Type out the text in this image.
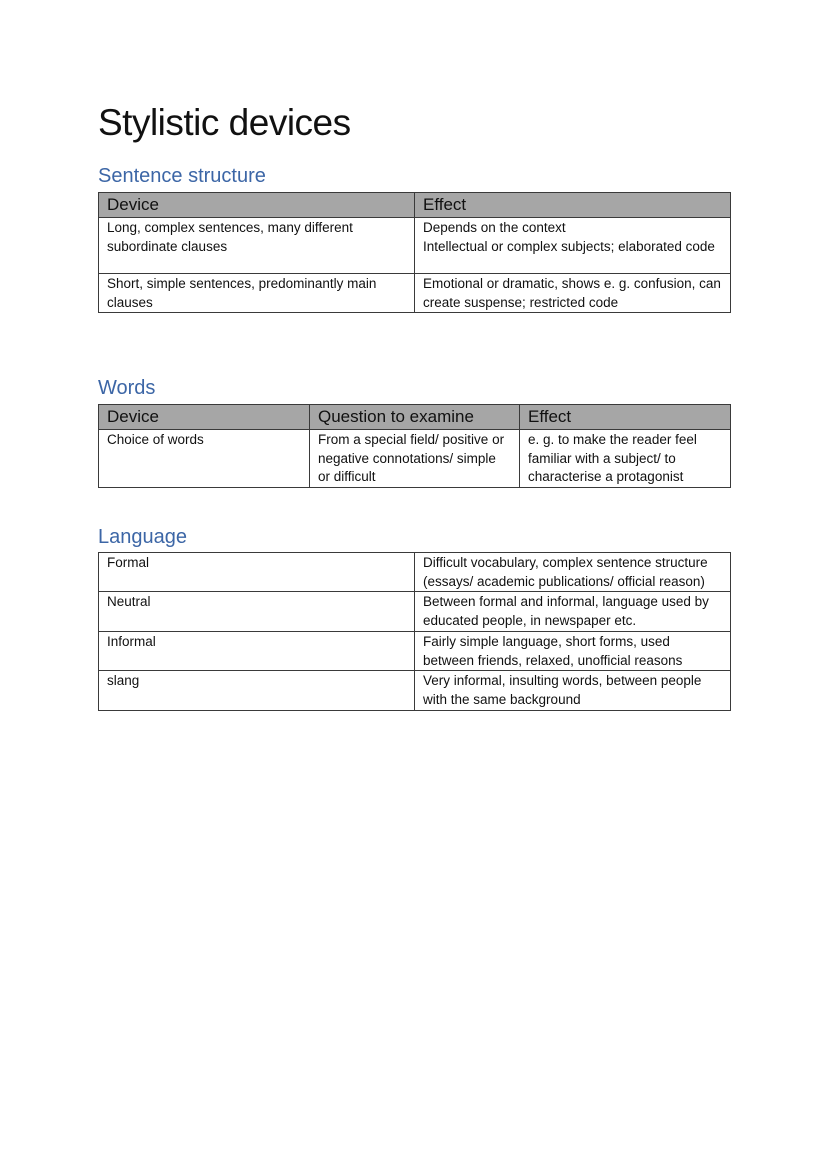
Stylistic devices
Sentence structure
Device	Effect
Long, complex sentences, many different subordinate clauses	Depends on the context
Intellectual or complex subjects; elaborated code

Short, simple sentences, predominantly main clauses	Emotional or dramatic, shows e. g. confusion, can create suspense; restricted code
Words
Device	Question to examine	Effect
Choice of words	From a special field/ positive or negative connotations/ simple or difficult	e. g. to make the reader feel familiar with a subject/ to characterise a protagonist
Language
Formal	Difficult vocabulary, complex sentence structure (essays/ academic publications/ official reason)
Neutral	Between formal and informal, language used by educated people, in newspaper etc.
Informal	Fairly simple language, short forms, used between friends, relaxed, unofficial reasons
slang	Very informal, insulting words, between people with the same background
